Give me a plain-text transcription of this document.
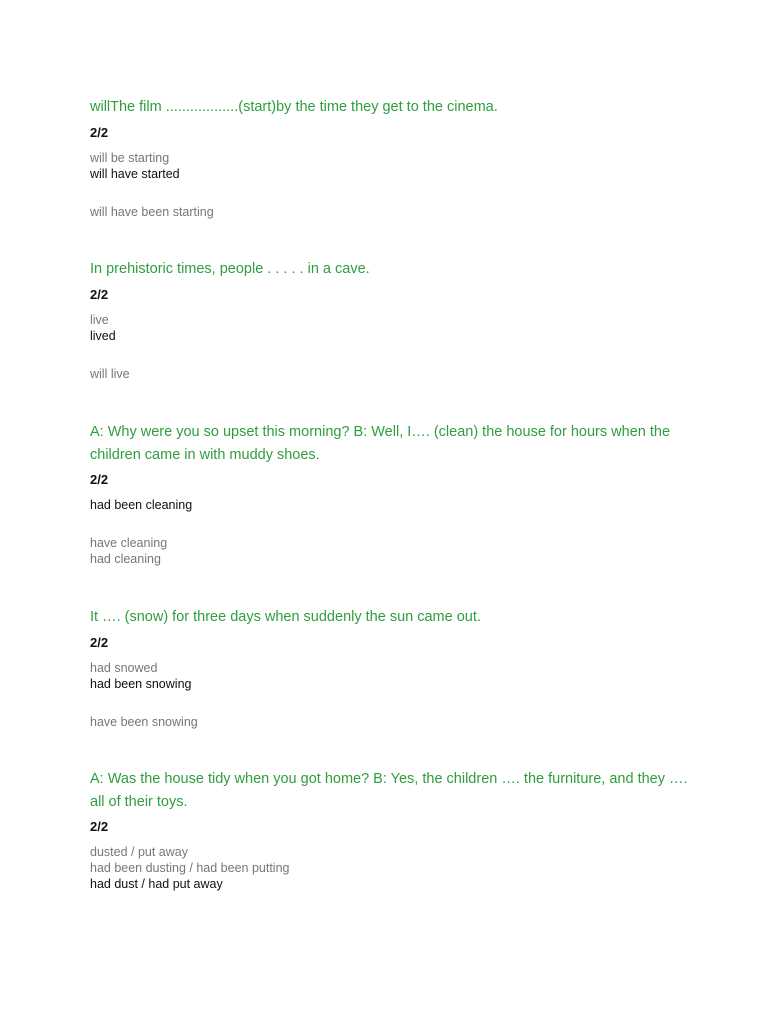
willThe film ..................(start)by the time they get to the cinema.

2/2
will be starting
will have started
will have been starting

In prehistoric times, people . . . . . in a cave.

2/2
live
lived
will live

A: Why were you so upset this morning? B: Well, I…. (clean) the house for hours when the children came in with muddy shoes.

2/2
had been cleaning
have cleaning
had cleaning

It …. (snow) for three days when suddenly the sun came out.

2/2
had snowed
had been snowing
have been snowing

A: Was the house tidy when you got home? B: Yes, the children …. the furniture, and they …. all of their toys.

2/2
dusted / put away
had been dusting / had been putting
had dust / had put away
